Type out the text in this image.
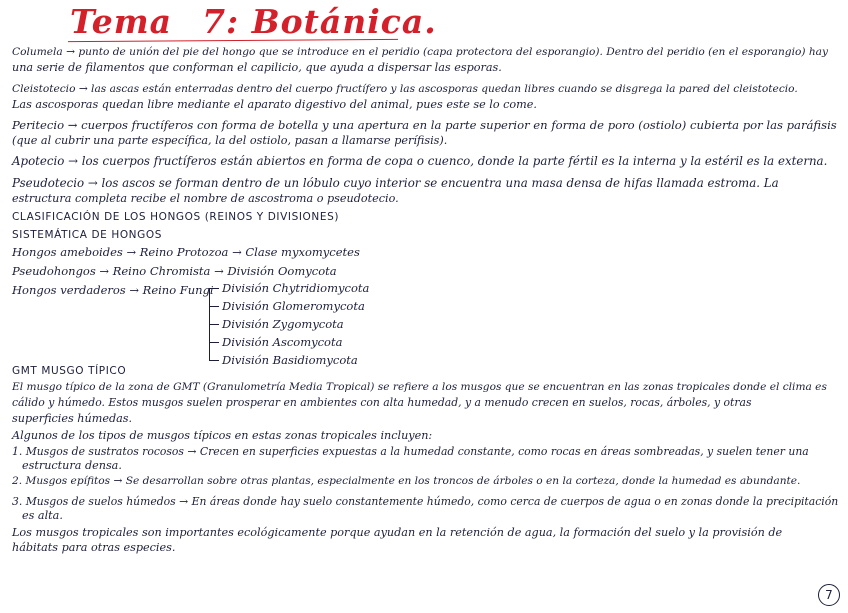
Tema 7: Botánica.
Columela → punto de unión del pie del hongo que se introduce en el peridio (capa protectora del esporangio). Dentro del peridio (en el esporangio) hay
una serie de filamentos que conforman el capilicio, que ayuda a dispersar las esporas.
Cleistotecio → las ascas están enterradas dentro del cuerpo fructífero y las ascosporas quedan libres cuando se disgrega la pared del cleistotecio.
Las ascosporas quedan libre mediante el aparato digestivo del animal, pues este se lo come.
Peritecio → cuerpos fructíferos con forma de botella y una apertura en la parte superior en forma de poro (ostiolo) cubierta por las paráfisis
(que al cubrir una parte específica, la del ostiolo, pasan a llamarse perífisis).
Apotecio → los cuerpos fructíferos están abiertos en forma de copa o cuenco, donde la parte fértil es la interna y la estéril es la externa.
Pseudotecio → los ascos se forman dentro de un lóbulo cuyo interior se encuentra una masa densa de hifas llamada estroma. La
estructura completa recibe el nombre de ascostroma o pseudotecio.
CLASIFICACIÓN DE LOS HONGOS (REINOS Y DIVISIONES)
SISTEMÁTICA DE HONGOS
Hongos ameboides → Reino Protozoa → Clase myxomycetes
Pseudohongos → Reino Chromista → División Oomycota
Hongos verdaderos → Reino Fungi División Chytridiomycota
División Glomeromycota
División Zygomycota
División Ascomycota
División Basidiomycota
GMT MUSGO TÍPICO
El musgo típico de la zona de GMT (Granulometría Media Tropical) se refiere a los musgos que se encuentran en las zonas tropicales donde el clima es
cálido y húmedo. Estos musgos suelen prosperar en ambientes con alta humedad, y a menudo crecen en suelos, rocas, árboles, y otras
superficies húmedas.
Algunos de los tipos de musgos típicos en estas zonas tropicales incluyen:
1. Musgos de sustratos rocosos → Crecen en superficies expuestas a la humedad constante, como rocas en áreas sombreadas, y suelen tener una
estructura densa.
2. Musgos epífitos → Se desarrollan sobre otras plantas, especialmente en los troncos de árboles o en la corteza, donde la humedad es abundante.
3. Musgos de suelos húmedos → En áreas donde hay suelo constantemente húmedo, como cerca de cuerpos de agua o en zonas donde la precipitación
es alta.
Los musgos tropicales son importantes ecológicamente porque ayudan en la retención de agua, la formación del suelo y la provisión de
hábitats para otras especies.
7
